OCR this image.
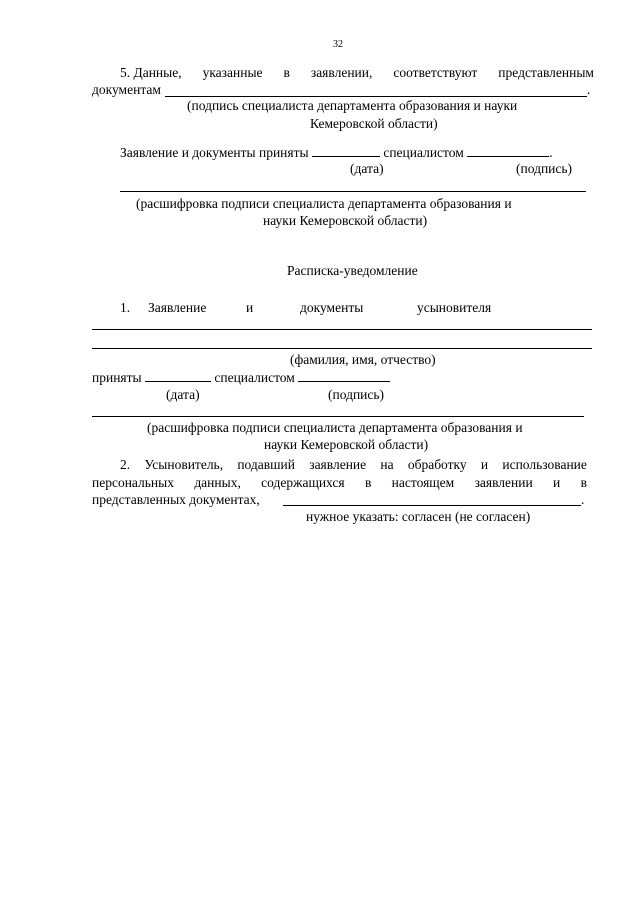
32
5. Данные, указанные в заявлении, соответствуют представленным
документам	.
(подпись специалиста департамента образования и науки
Кемеровской области)
Заявление и документы приняты	специалистом	.
(дата)	(подпись)
(расшифровка подписи специалиста департамента образования и
науки Кемеровской области)
Расписка-уведомление
1. Заявление	и	документы	усыновителя
(фамилия, имя, отчество)
приняты	специалистом
(дата)	(подпись)
(расшифровка подписи специалиста департамента образования и
науки Кемеровской области)
2. Усыновитель, подавший заявление на обработку и использование
персональных данных, содержащихся в настоящем заявлении и в
представленных документах,	.
нужное указать: согласен (не согласен)
